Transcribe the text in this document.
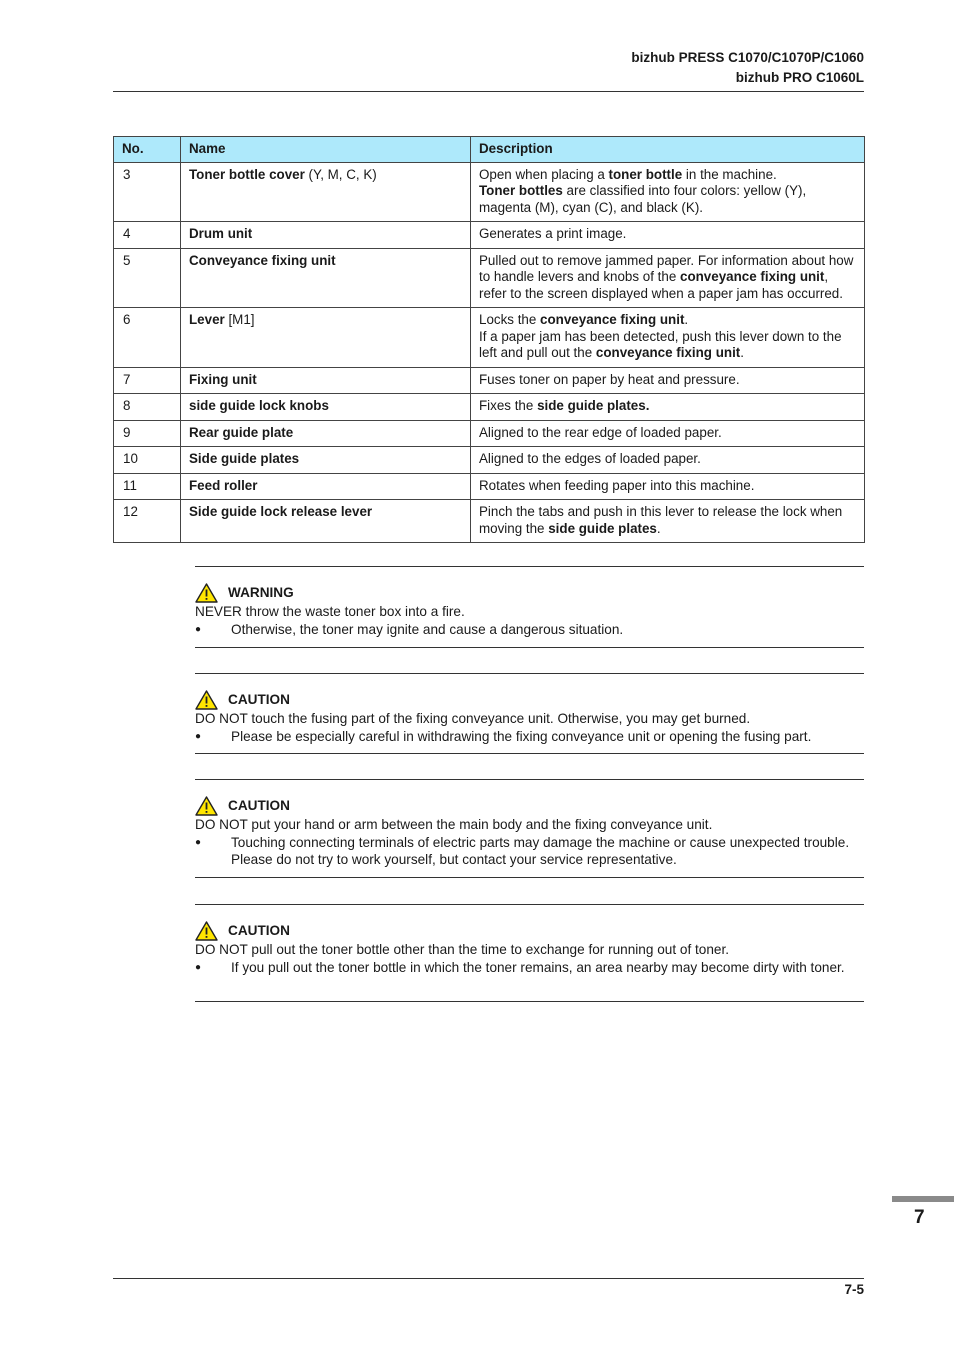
bizhub PRESS C1070/C1070P/C1060
bizhub PRO C1060L
No.	Name	Description
3	Toner bottle cover (Y, M, C, K)	Open when placing a toner bottle in the machine.
Toner bottles are classified into four colors: yellow (Y), magenta (M), cyan (C), and black (K).

4	Drum unit	Generates a print image.

5	Conveyance fixing unit	Pulled out to remove jammed paper. For information about how to handle levers and knobs of the conveyance fixing unit, refer to the screen displayed when a paper jam has occurred.

6	Lever [M1]	Locks the conveyance fixing unit.
If a paper jam has been detected, push this lever down to the left and pull out the conveyance fixing unit.

7	Fixing unit	Fuses toner on paper by heat and pressure.

8	side guide lock knobs	Fixes the side guide plates.

9	Rear guide plate	Aligned to the rear edge of loaded paper.

10	Side guide plates	Aligned to the edges of loaded paper.

11	Feed roller	Rotates when feeding paper into this machine.

12	Side guide lock release lever	Pinch the tabs and push in this lever to release the lock when moving the side guide plates.
WARNING
NEVER throw the waste toner box into a fire.
●	Otherwise, the toner may ignite and cause a dangerous situation.
CAUTION
DO NOT touch the fusing part of the fixing conveyance unit. Otherwise, you may get burned.
●	Please be especially careful in withdrawing the fixing conveyance unit or opening the fusing part.
CAUTION
DO NOT put your hand or arm between the main body and the fixing conveyance unit.
●	Touching connecting terminals of electric parts may damage the machine or cause unexpected trouble. Please do not try to work yourself, but contact your service representative.
CAUTION
DO NOT pull out the toner bottle other than the time to exchange for running out of toner.
●	If you pull out the toner bottle in which the toner remains, an area nearby may become dirty with toner.
7
7-5
